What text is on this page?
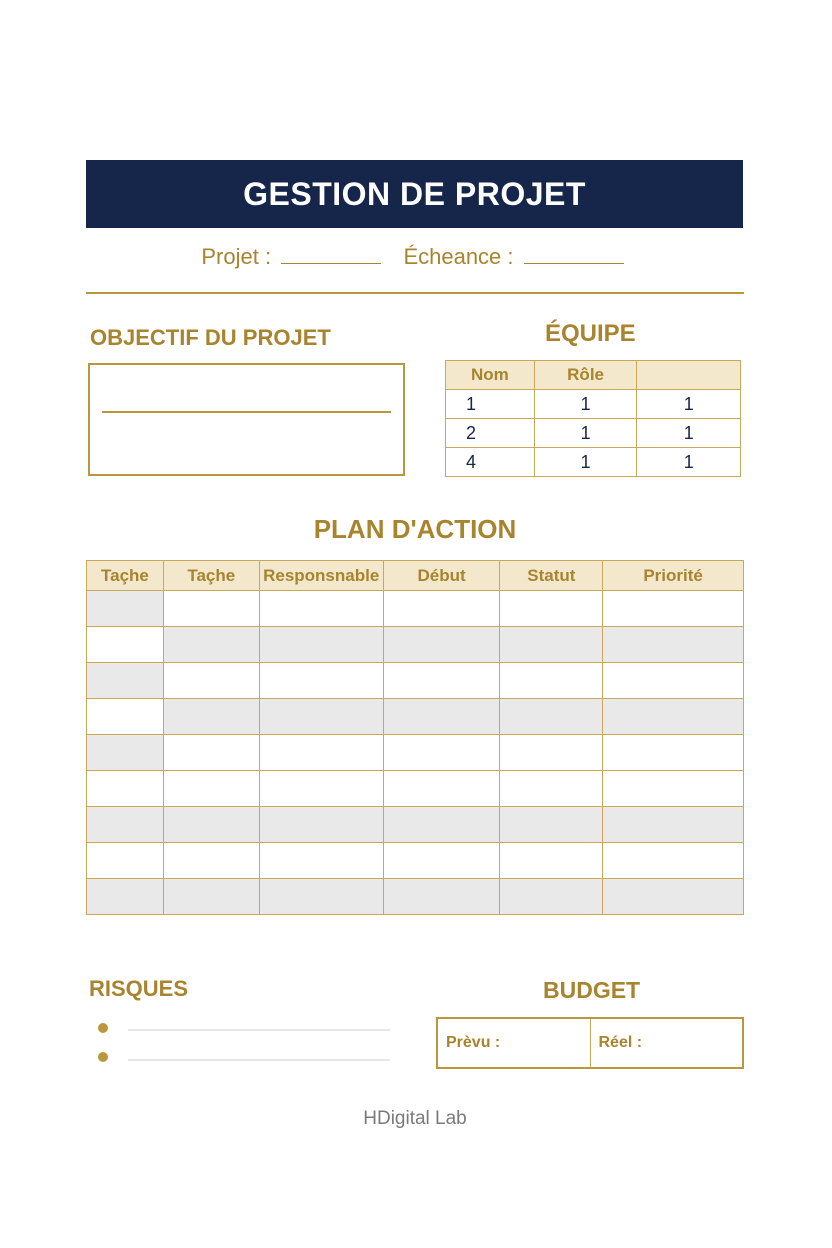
GESTION DE PROJET
Projet :	Écheance :
OBJECTIF DU PROJET	ÉQUIPE
Nom	Rôle	
1	1	1
2	1	1
4	1	1
PLAN D'ACTION
Taçhe	Taçhe	Responsnable	Début	Statut	Priorité

RISQUES	BUDGET
Prèvu :	Réel :
HDigital Lab
